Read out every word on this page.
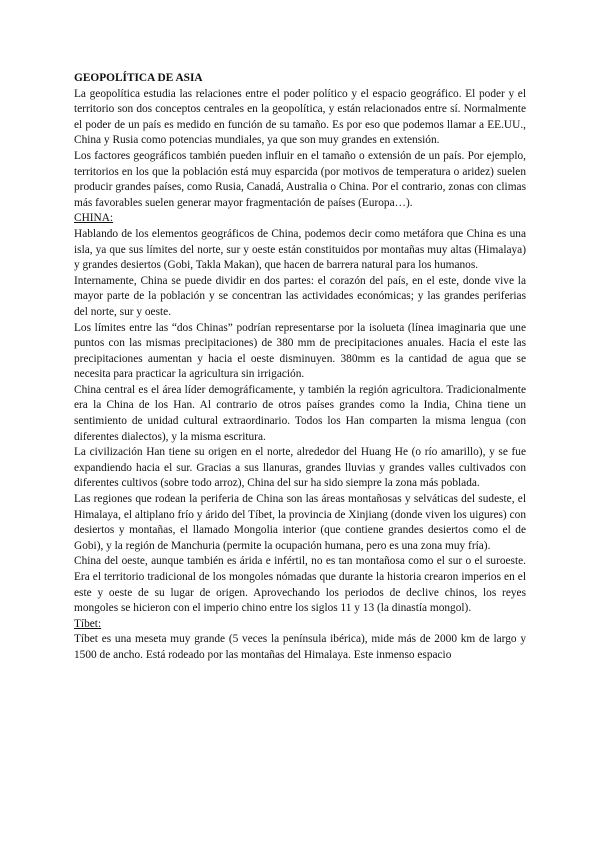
GEOPOLÍTICA DE ASIA

La geopolítica estudia las relaciones entre el poder político y el espacio geográfico. El poder y el territorio son dos conceptos centrales en la geopolítica, y están relacionados entre sí. Normalmente el poder de un país es medido en función de su tamaño. Es por eso que podemos llamar a EE.UU., China y Rusia como potencias mundiales, ya que son muy grandes en extensión.

Los factores geográficos también pueden influir en el tamaño o extensión de un país. Por ejemplo, territorios en los que la población está muy esparcida (por motivos de temperatura o aridez) suelen producir grandes países, como Rusia, Canadá, Australia o China. Por el contrario, zonas con climas más favorables suelen generar mayor fragmentación de países (Europa…).

CHINA:

Hablando de los elementos geográficos de China, podemos decir como metáfora que China es una isla, ya que sus límites del norte, sur y oeste están constituidos por montañas muy altas (Himalaya) y grandes desiertos (Gobi, Takla Makan), que hacen de barrera natural para los humanos.

Internamente, China se puede dividir en dos partes: el corazón del país, en el este, donde vive la mayor parte de la población y se concentran las actividades económicas; y las grandes periferias del norte, sur y oeste.

Los límites entre las “dos Chinas” podrían representarse por la isolueta (línea imaginaria que une puntos con las mismas precipitaciones) de 380 mm de precipitaciones anuales. Hacia el este las precipitaciones aumentan y hacia el oeste disminuyen. 380mm es la cantidad de agua que se necesita para practicar la agricultura sin irrigación.

China central es el área líder demográficamente, y también la región agricultora. Tradicionalmente era la China de los Han. Al contrario de otros países grandes como la India, China tiene un sentimiento de unidad cultural extraordinario. Todos los Han comparten la misma lengua (con diferentes dialectos), y la misma escritura.

La civilización Han tiene su origen en el norte, alrededor del Huang He (o río amarillo), y se fue expandiendo hacia el sur. Gracias a sus llanuras, grandes lluvias y grandes valles cultivados con diferentes cultivos (sobre todo arroz), China del sur ha sido siempre la zona más poblada.

Las regiones que rodean la periferia de China son las áreas montañosas y selváticas del sudeste, el Himalaya, el altiplano frío y árido del Tíbet, la provincia de Xinjiang (donde viven los uigures) con desiertos y montañas, el llamado Mongolia interior (que contiene grandes desiertos como el de Gobi), y la región de Manchuria (permite la ocupación humana, pero es una zona muy fría).

China del oeste, aunque también es árida e infértil, no es tan montañosa como el sur o el suroeste. Era el territorio tradicional de los mongoles nómadas que durante la historia crearon imperios en el este y oeste de su lugar de origen. Aprovechando los periodos de declive chinos, los reyes mongoles se hicieron con el imperio chino entre los siglos 11 y 13 (la dinastía mongol).

Tíbet:

Tíbet es una meseta muy grande (5 veces la península ibérica), mide más de 2000 km de largo y 1500 de ancho. Está rodeado por las montañas del Himalaya. Este inmenso espacio
